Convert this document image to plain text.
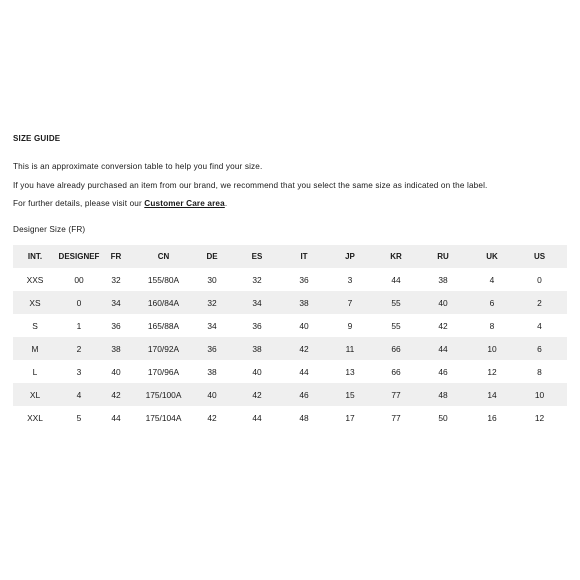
SIZE GUIDE

This is an approximate conversion table to help you find your size.

If you have already purchased an item from our brand, we recommend that you select the same size as indicated on the label.

For further details, please visit our Customer Care area.

Designer Size (FR)
INT.	DESIGNEF	FR	CN	DE	ES	IT	JP	KR	RU	UK	US
XXS	00	32	155/80A	30	32	36	3	44	38	4	0
XS	0	34	160/84A	32	34	38	7	55	40	6	2
S	1	36	165/88A	34	36	40	9	55	42	8	4
M	2	38	170/92A	36	38	42	11	66	44	10	6
L	3	40	170/96A	38	40	44	13	66	46	12	8
XL	4	42	175/100A	40	42	46	15	77	48	14	10
XXL	5	44	175/104A	42	44	48	17	77	50	16	12
